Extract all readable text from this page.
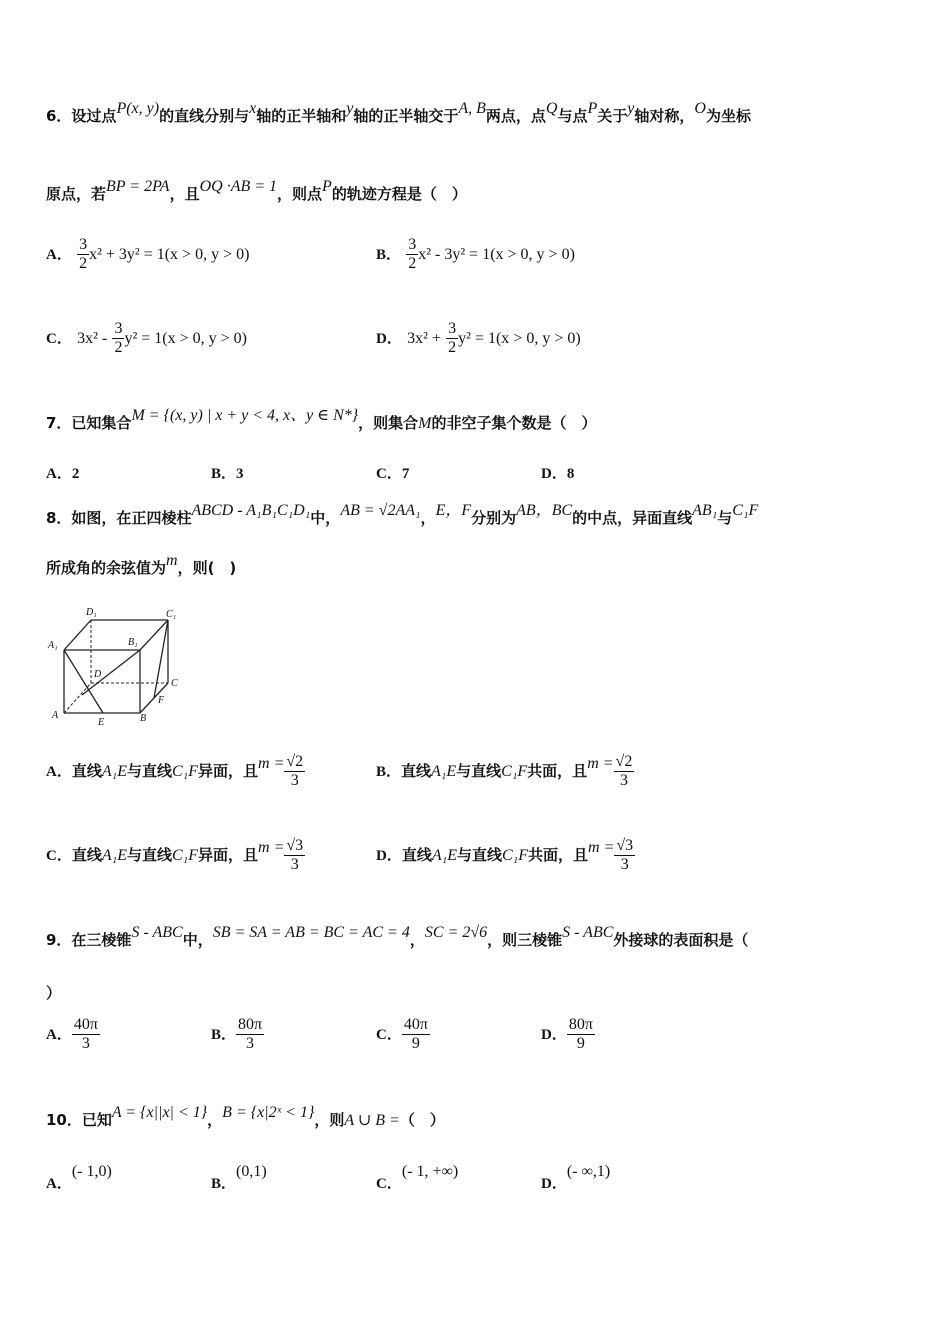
6．设过点P(x, y)的直线分别与x轴的正半轴和y轴的正半轴交于A, B两点，点Q与点P关于y轴对称，O为坐标
原点，若BP = 2PA，且OQ ·AB = 1，则点P的轨迹方程是（　）
A． $\frac{3}{2} x^2 + 3y^2 = 1(x > 0$, y > 0)	B． $\frac{3}{2} x^2 - 3y^2 = 1(x > 0$, y > 0)
C． $3x^2 - \frac{3}{2} y^2 = 1(x > 0$, y > 0)	D． $3x^2 + \frac{3}{2} y^2 = 1(x > 0$, y > 0)
7．已知集合M = {(x, y) | x + y < 4, x、y ∈ N*}，则集合M的非空子集个数是（　）
A．2	B．3	C．7	D．8
8．如图，在正四棱柱ABCD - A₁B₁C₁D₁中，AB = √2AA₁，E，F分别为AB，BC的中点，异面直线AB₁与C₁F
所成角的余弦值为m，则(　)
D₁	C₁
A₁	B₁
D
C
F
A
E	B
A．直线A₁E与直线C₁F异面，且$m = \frac{√2}{3}$	B．直线A₁E与直线C₁F共面，且$m = \frac{√2}{3}$
C．直线A₁E与直线C₁F异面，且$m = \frac{√3}{3}$	D．直线A₁E与直线C₁F共面，且$m = \frac{√3}{3}$
9．在三棱锥S - ABC中，SB = SA = AB = BC = AC = 4，SC = 2√6，则三棱锥S - ABC外接球的表面积是（
）
A． $\frac{40\pi}{3}$	B． $\frac{80\pi}{3}$	C． $\frac{40\pi}{9}$	D． $\frac{80\pi}{9}$
10．已知A = {x||x| < 1}，B = {x|2ˣ < 1}，则A ∪ B =（　）
A．(- 1,0)
B．(0,1)
C．(- 1, +∞)
D．(- ∞,1)
